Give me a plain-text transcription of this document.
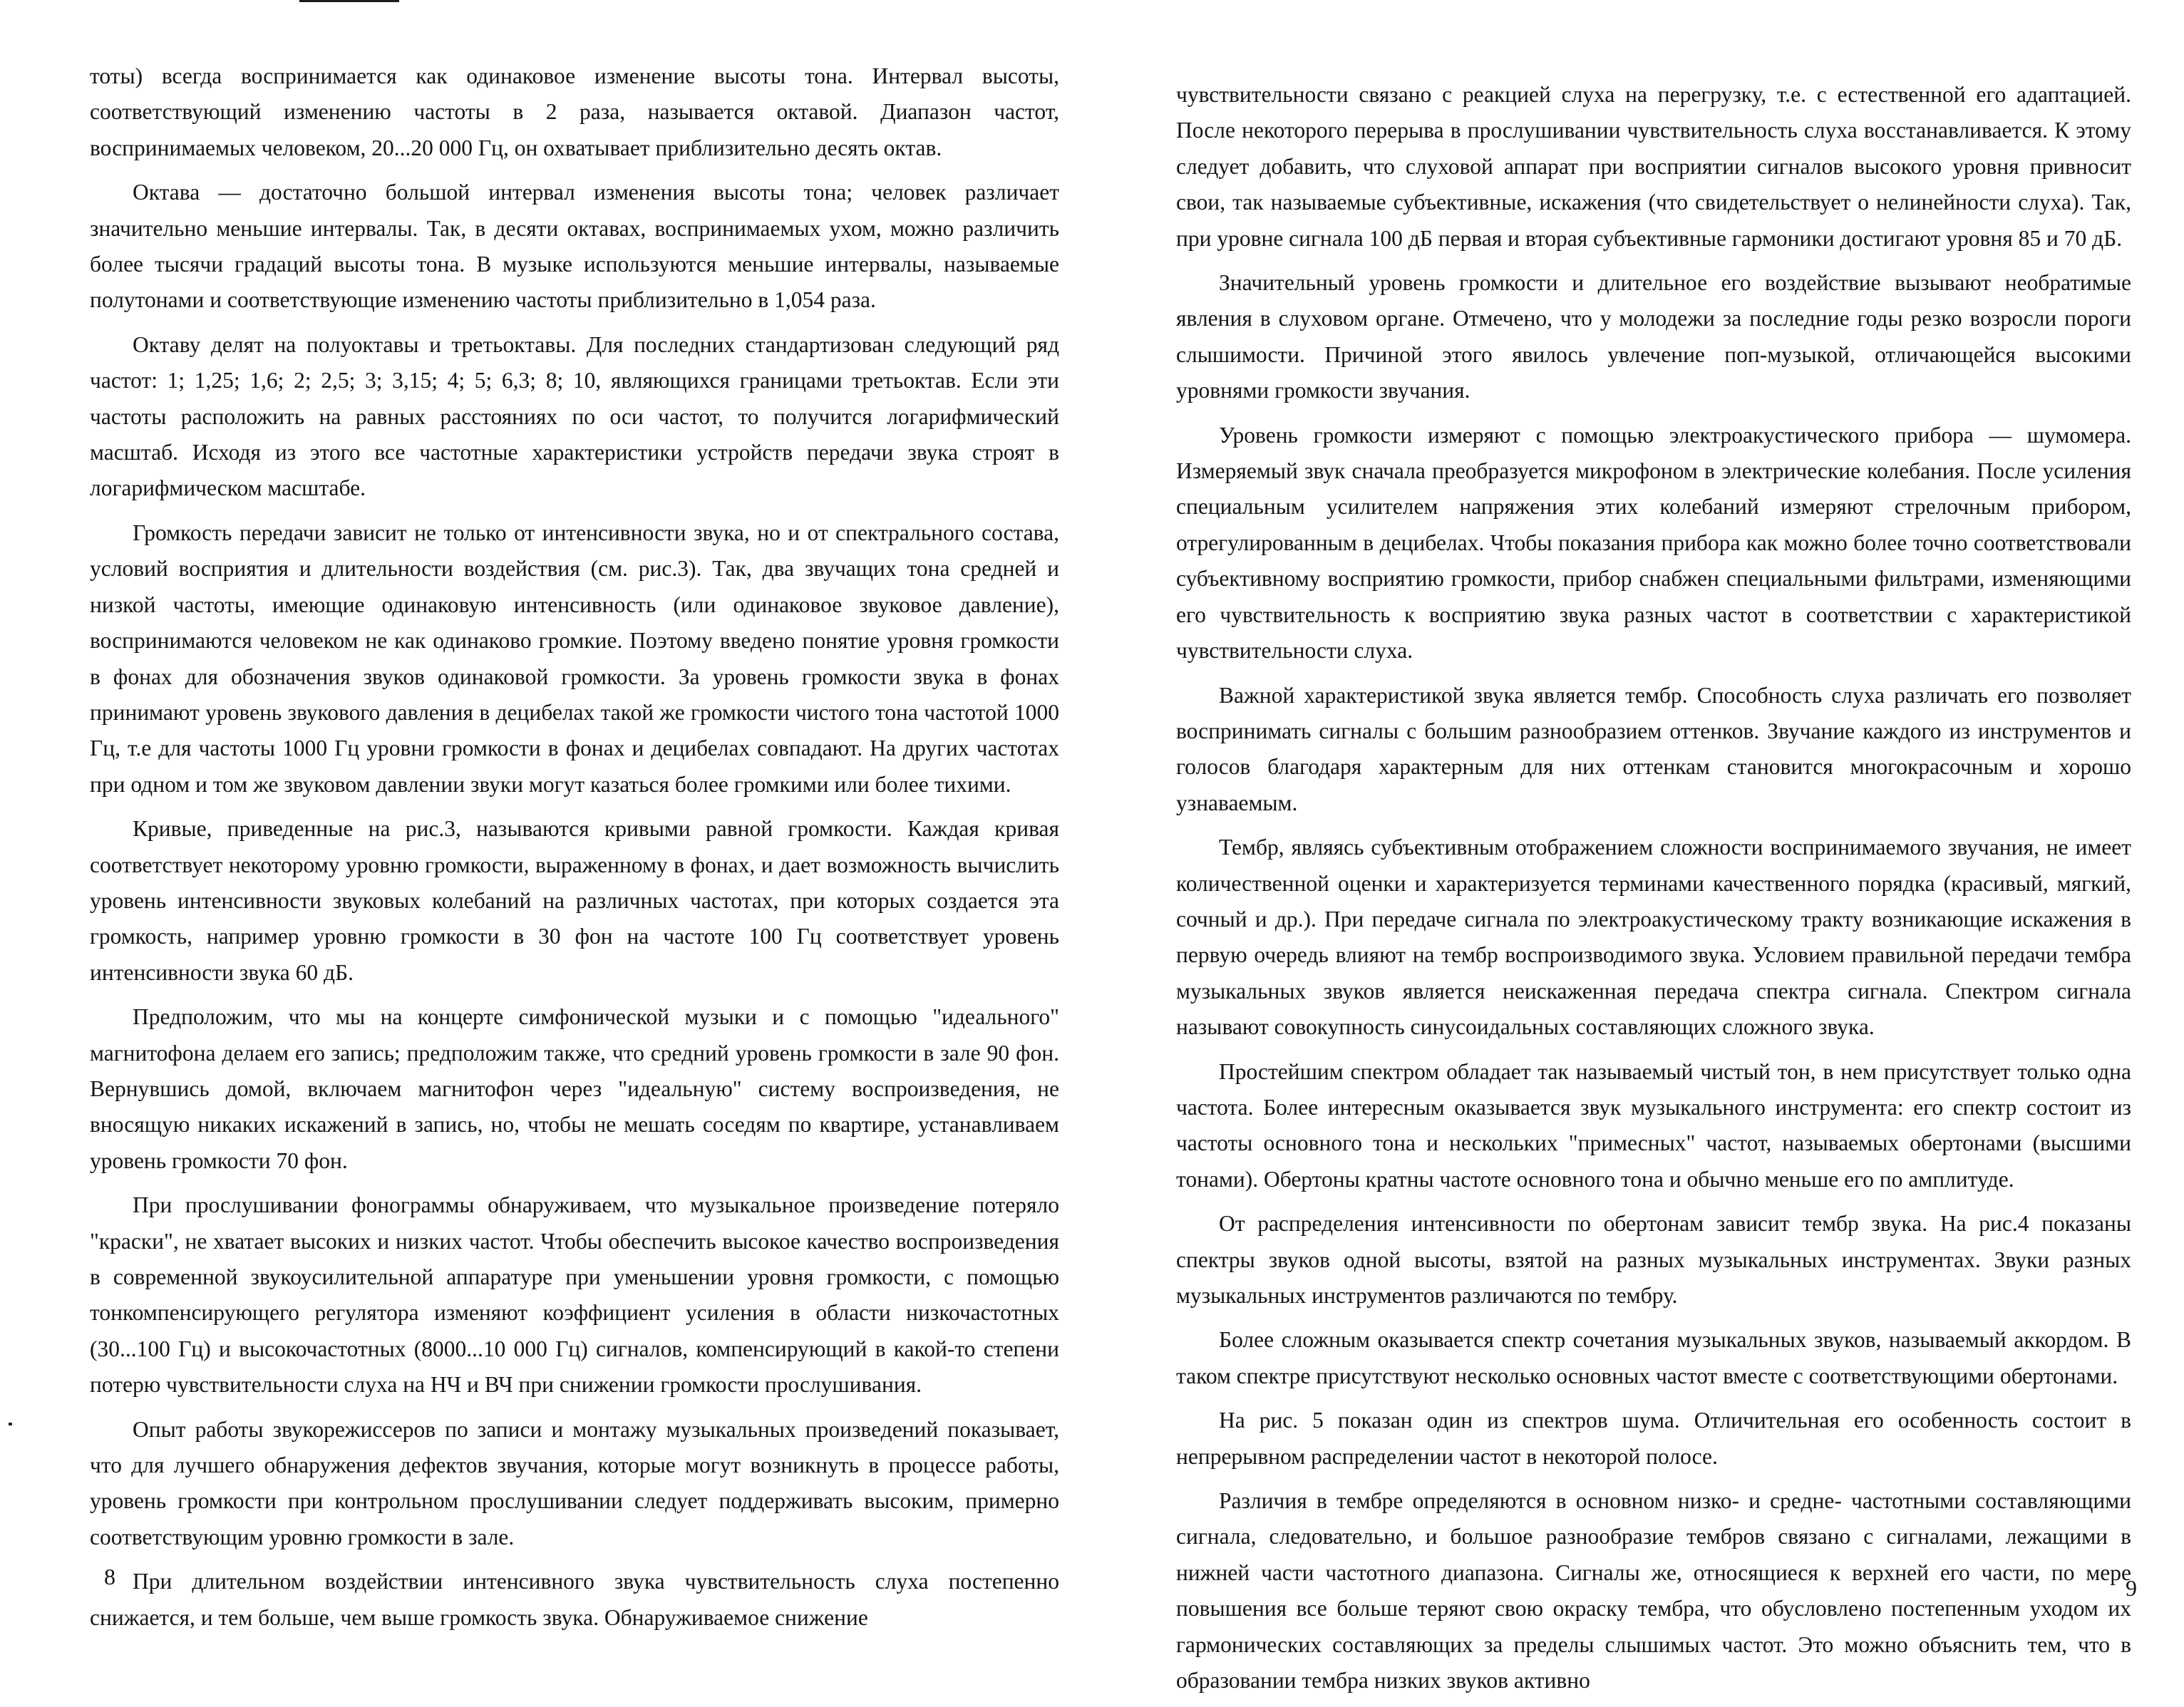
тоты) всегда воспринимается как одинаковое изменение высоты тона. Интервал высоты, соответствующий изменению частоты в 2 раза, называется октавой. Диапазон частот, воспринимаемых человеком, 20...20 000 Гц, он охватывает приблизительно десять октав.

Октава — достаточно большой интервал изменения высоты тона; человек различает значительно меньшие интервалы. Так, в десяти октавах, воспринимаемых ухом, можно различить более тысячи градаций высоты тона. В музыке используются меньшие интервалы, называемые полутонами и соответствующие изменению частоты приблизительно в 1,054 раза.

Октаву делят на полуоктавы и третьоктавы. Для последних стандартизован следующий ряд частот: 1; 1,25; 1,6; 2; 2,5; 3; 3,15; 4; 5; 6,3; 8; 10, являющихся границами третьоктав. Если эти частоты расположить на равных расстояниях по оси частот, то получится логарифмический масштаб. Исходя из этого все частотные характеристики устройств передачи звука строят в логарифмическом масштабе.

Громкость передачи зависит не только от интенсивности звука, но и от спектрального состава, условий восприятия и длительности воздействия (см. рис.3). Так, два звучащих тона средней и низкой частоты, имеющие одинаковую интенсивность (или одинаковое звуковое давление), воспринимаются человеком не как одинаково громкие. Поэтому введено понятие уровня громкости в фонах для обозначения звуков одинаковой громкости. За уровень громкости звука в фонах принимают уровень звукового давления в децибелах такой же громкости чистого тона частотой 1000 Гц, т.е для частоты 1000 Гц уровни громкости в фонах и децибелах совпадают. На других частотах при одном и том же звуковом давлении звуки могут казаться более громкими или более тихими.

Кривые, приведенные на рис.3, называются кривыми равной громкости. Каждая кривая соответствует некоторому уровню громкости, выраженному в фонах, и дает возможность вычислить уровень интенсивности звуковых колебаний на различных частотах, при которых создается эта громкость, например уровню громкости в 30 фон на частоте 100 Гц соответствует уровень интенсивности звука 60 дБ.

Предположим, что мы на концерте симфонической музыки и с помощью "идеального" магнитофона делаем его запись; предположим также, что средний уровень громкости в зале 90 фон. Вернувшись домой, включаем магнитофон через "идеальную" систему воспроизведения, не вносящую никаких искажений в запись, но, чтобы не мешать соседям по квартире, устанавливаем уровень громкости 70 фон.

При прослушивании фонограммы обнаруживаем, что музыкальное произведение потеряло "краски", не хватает высоких и низких частот. Чтобы обеспечить высокое качество воспроизведения в современной звукоусилительной аппаратуре при уменьшении уровня громкости, с помощью тонкомпенсирующего регулятора изменяют коэффициент усиления в области низкочастотных (30...100 Гц) и высокочастотных (8000...10 000 Гц) сигналов, компенсирующий в какой-то степени потерю чувствительности слуха на НЧ и ВЧ при снижении громкости прослушивания.

Опыт работы звукорежиссеров по записи и монтажу музыкальных произведений показывает, что для лучшего обнаружения дефектов звучания, которые могут возникнуть в процессе работы, уровень громкости при контрольном прослушивании следует поддерживать высоким, примерно соответствующим уровню громкости в зале.

При длительном воздействии интенсивного звука чувствительность слуха постепенно снижается, и тем больше, чем выше громкость звука. Обнаруживаемое снижение

8

чувствительности связано с реакцией слуха на перегрузку, т.е. с естественной его адаптацией. После некоторого перерыва в прослушивании чувствительность слуха восстанавливается. К этому следует добавить, что слуховой аппарат при восприятии сигналов высокого уровня привносит свои, так называемые субъективные, искажения (что свидетельствует о нелинейности слуха). Так, при уровне сигнала 100 дБ первая и вторая субъективные гармоники достигают уровня 85 и 70 дБ.

Значительный уровень громкости и длительное его воздействие вызывают необратимые явления в слуховом органе. Отмечено, что у молодежи за последние годы резко возросли пороги слышимости. Причиной этого явилось увлечение поп-музыкой, отличающейся высокими уровнями громкости звучания.

Уровень громкости измеряют с помощью электроакустического прибора — шумомера. Измеряемый звук сначала преобразуется микрофоном в электрические колебания. После усиления специальным усилителем напряжения этих колебаний измеряют стрелочным прибором, отрегулированным в децибелах. Чтобы показания прибора как можно более точно соответствовали субъективному восприятию громкости, прибор снабжен специальными фильтрами, изменяющими его чувствительность к восприятию звука разных частот в соответствии с характеристикой чувствительности слуха.

Важной характеристикой звука является тембр. Способность слуха различать его позволяет воспринимать сигналы с большим разнообразием оттенков. Звучание каждого из инструментов и голосов благодаря характерным для них оттенкам становится многокрасочным и хорошо узнаваемым.

Тембр, являясь субъективным отображением сложности воспринимаемого звучания, не имеет количественной оценки и характеризуется терминами качественного порядка (красивый, мягкий, сочный и др.). При передаче сигнала по электроакустическому тракту возникающие искажения в первую очередь влияют на тембр воспроизводимого звука. Условием правильной передачи тембра музыкальных звуков является неискаженная передача спектра сигнала. Спектром сигнала называют совокупность синусоидальных составляющих сложного звука.

Простейшим спектром обладает так называемый чистый тон, в нем присутствует только одна частота. Более интересным оказывается звук музыкального инструмента: его спектр состоит из частоты основного тона и нескольких "примесных" частот, называемых обертонами (высшими тонами). Обертоны кратны частоте основного тона и обычно меньше его по амплитуде.

От распределения интенсивности по обертонам зависит тембр звука. На рис.4 показаны спектры звуков одной высоты, взятой на разных музыкальных инструментах. Звуки разных музыкальных инструментов различаются по тембру.

Более сложным оказывается спектр сочетания музыкальных звуков, называемый аккордом. В таком спектре присутствуют несколько основных частот вместе с соответствующими обертонами.

На рис. 5 показан один из спектров шума. Отличительная его особенность состоит в непрерывном распределении частот в некоторой полосе.

Различия в тембре определяются в основном низко- и средне- частотными составляющими сигнала, следовательно, и большое разнообразие тембров связано с сигналами, лежащими в нижней части частотного диапазона. Сигналы же, относящиеся к верхней его части, по мере повышения все больше теряют свою окраску тембра, что обусловлено постепенным уходом их гармонических составляющих за пределы слышимых частот. Это можно объяснить тем, что в образовании тембра низких звуков активно

9
